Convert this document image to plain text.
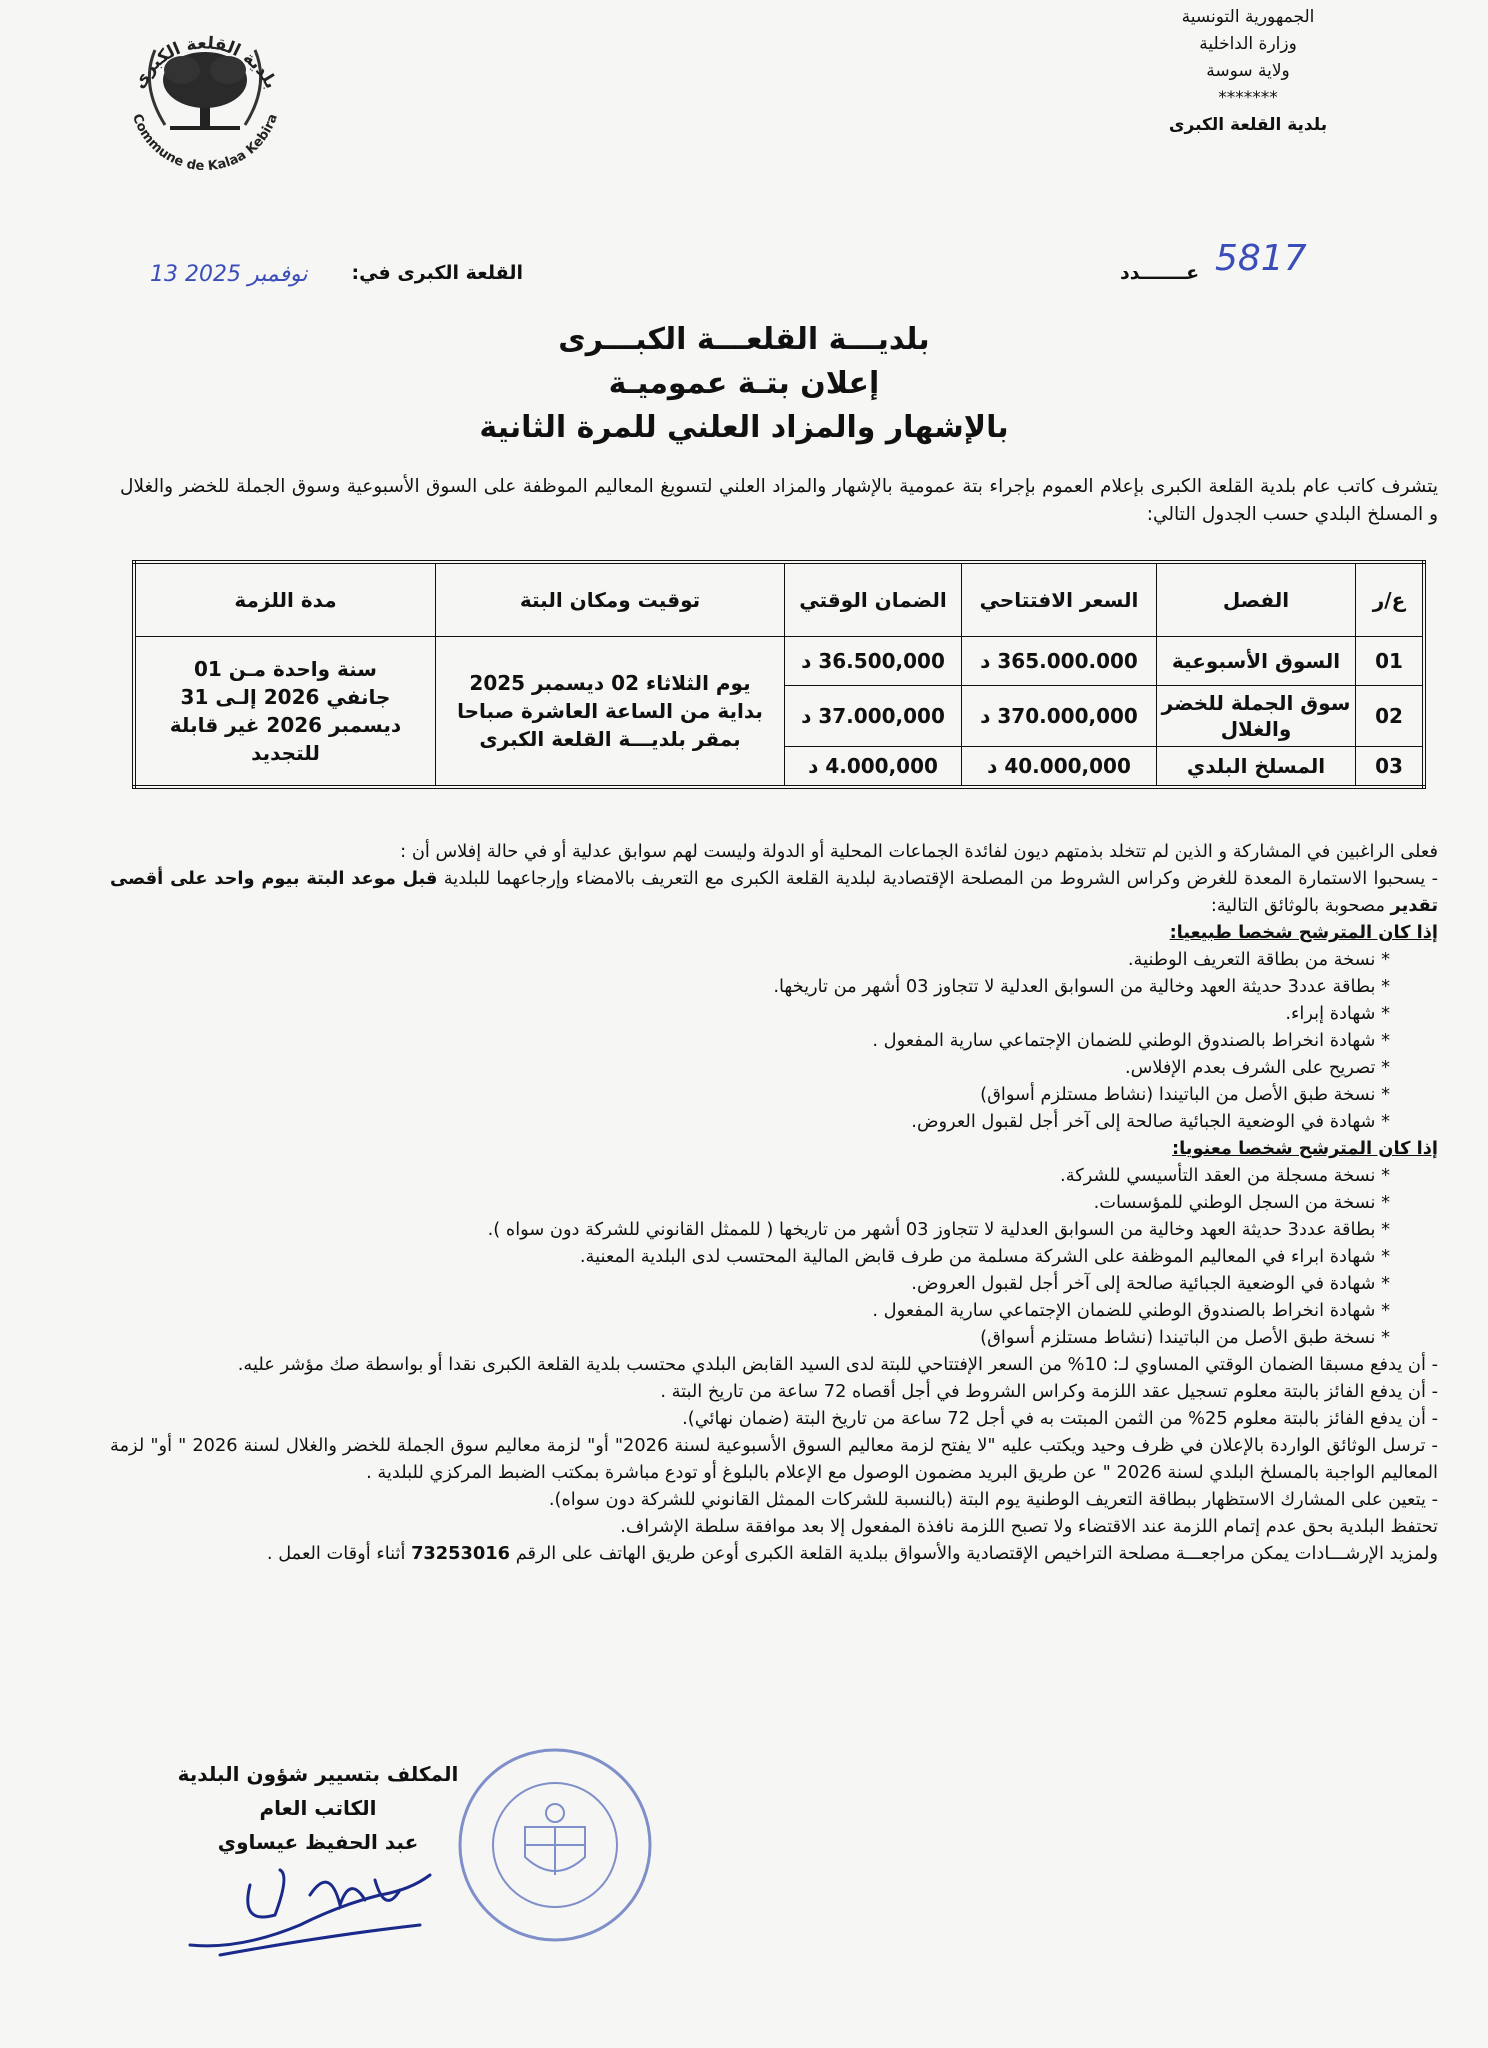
الجمهورية التونسية
وزارة الداخلية
ولاية سوسة
*******
بلدية القلعة الكبرى
بلدية القلعة الكبرى
Commune de Kalaa Kebira
القلعة الكبرى في:
13 نوفمبر 2025	عـــــــدد 5817
بلديـــة القلعـــة الكبـــرى
إعلان بتـة عموميـة
بالإشهار والمزاد العلني للمرة الثانية
يتشرف كاتب عام بلدية القلعة الكبرى بإعلام العموم بإجراء بتة عمومية بالإشهار والمزاد العلني لتسويغ المعاليم الموظفة على السوق الأسبوعية وسوق الجملة للخضر والغلال و المسلخ البلدي حسب الجدول التالي:
ع/ر	الفصل	السعر الافتتاحي	الضمان الوقتي	توقيت ومكان البتة	مدة اللزمة
01	السوق الأسبوعية	365.000.000 د	36.500,000 د	يوم الثلاثاء 02 ديسمبر 2025 بداية من الساعة العاشرة صباحا بمقر بلديـــة القلعة الكبرى	سنة واحدة مـن 01 جانفي 2026 إلـى 31 ديسمبر 2026 غير قابلة للتجديد
02	سوق الجملة للخضر والغلال	370.000,000 د	37.000,000 د		
03	المسلخ البلدي	40.000,000 د	4.000,000 د		

فعلى الراغبين في المشاركة و الذين لم تتخلد بذمتهم ديون لفائدة الجماعات المحلية أو الدولة وليست لهم سوابق عدلية أو في حالة إفلاس أن :

- يسحبوا الاستمارة المعدة للغرض وكراس الشروط من المصلحة الإقتصادية لبلدية القلعة الكبرى مع التعريف بالامضاء وإرجاعهما للبلدية قبل موعد البتة بيوم واحد على أقصى تقدير مصحوبة بالوثائق التالية:

إذا كان المترشح شخصا طبيعيا:

* نسخة من بطاقة التعريف الوطنية.

* بطاقة عدد3 حديثة العهد وخالية من السوابق العدلية لا تتجاوز 03 أشهر من تاريخها.

* شهادة إبراء.

* شهادة انخراط بالصندوق الوطني للضمان الإجتماعي سارية المفعول .

* تصريح على الشرف بعدم الإفلاس.

* نسخة طبق الأصل من الباتيندا (نشاط مستلزم أسواق)

* شهادة في الوضعية الجبائية صالحة إلى آخر أجل لقبول العروض.

إذا كان المترشح شخصا معنويا:

* نسخة مسجلة من العقد التأسيسي للشركة.

* نسخة من السجل الوطني للمؤسسات.

* بطاقة عدد3 حديثة العهد وخالية من السوابق العدلية لا تتجاوز 03 أشهر من تاريخها ( للممثل القانوني للشركة دون سواه ).

* شهادة ابراء في المعاليم الموظفة على الشركة مسلمة من طرف قابض المالية المحتسب لدى البلدية المعنية.

* شهادة في الوضعية الجبائية صالحة إلى آخر أجل لقبول العروض.

* شهادة انخراط بالصندوق الوطني للضمان الإجتماعي سارية المفعول .

* نسخة طبق الأصل من الباتيندا (نشاط مستلزم أسواق)

- أن يدفع مسبقا الضمان الوقتي المساوي لـ: 10% من السعر الإفتتاحي للبتة لدى السيد القابض البلدي محتسب بلدية القلعة الكبرى نقدا أو بواسطة صك مؤشر عليه.

- أن يدفع الفائز بالبتة معلوم تسجيل عقد اللزمة وكراس الشروط في أجل أقصاه 72 ساعة من تاريخ البتة .

- أن يدفع الفائز بالبتة معلوم 25% من الثمن المبتت به في أجل 72 ساعة من تاريخ البتة (ضمان نهائي).

- ترسل الوثائق الواردة بالإعلان في ظرف وحيد ويكتب عليه "لا يفتح لزمة معاليم السوق الأسبوعية لسنة 2026" أو" لزمة معاليم سوق الجملة للخضر والغلال لسنة 2026 " أو" لزمة المعاليم الواجبة بالمسلخ البلدي لسنة 2026 " عن طريق البريد مضمون الوصول مع الإعلام بالبلوغ أو تودع مباشرة بمكتب الضبط المركزي للبلدية .

- يتعين على المشارك الاستظهار ببطاقة التعريف الوطنية يوم البتة (بالنسبة للشركات الممثل القانوني للشركة دون سواه).

تحتفظ البلدية بحق عدم إتمام اللزمة عند الاقتضاء ولا تصبح اللزمة نافذة المفعول إلا بعد موافقة سلطة الإشراف.

ولمزيد الإرشـــادات يمكن مراجعـــة مصلحة التراخيص الإقتصادية والأسواق ببلدية القلعة الكبرى أوعن طريق الهاتف على الرقم 73253016 أثناء أوقات العمل .

المكلف بتسيير شؤون البلدية
الكاتب العام
عبد الحفيظ عيساوي
